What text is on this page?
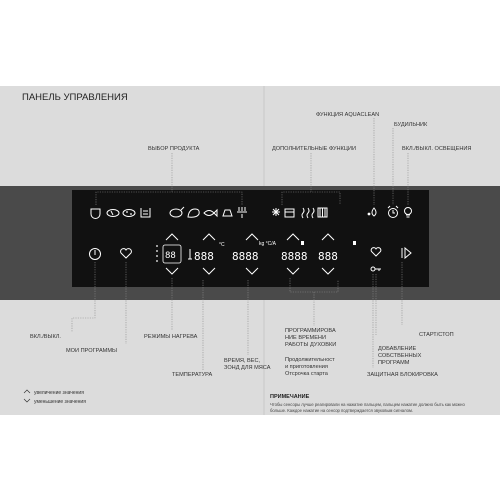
ПАНЕЛЬ УПРАВЛЕНИЯ
ВЫБОР ПРОДУКТА	ДОПОЛНИТЕЛЬНЫЕ ФУНКЦИИ
ФУНКЦИЯ AQUACLEAN
БУДИЛЬНИК
ВКЛ./ВЫКЛ. ОСВЕЩЕНИЯ
88 888
°C
8888
kg °C/A
8888 888
ВКЛ./ВЫКЛ.
МОИ ПРОГРАММЫ
РЕЖИМЫ НАГРЕВА
ТЕМПЕРАТУРА
ВРЕМЯ, ВЕС,
ЗОНД ДЛЯ МЯСА
ПРОГРАММИРОВА
НИЕ ВРЕМЕНИ
РАБОТЫ ДУХОВКИ
Продолжительност
и приготовления
Отсрочка старта
СТАРТ/СТОП
ДОБАВЛЕНИЕ
СОБСТВЕННЫХ
ПРОГРАММ
ЗАЩИТНАЯ БЛОКИРОВКА
увеличение значения
уменьшение значения
ПРИМЕЧАНИЕ
Чтобы сенсоры лучше реагировали на нажатие пальцем, пальцем нажатие должно быть как можно
больше. Каждое нажатие на сенсор подтверждается звуковым сигналом.
